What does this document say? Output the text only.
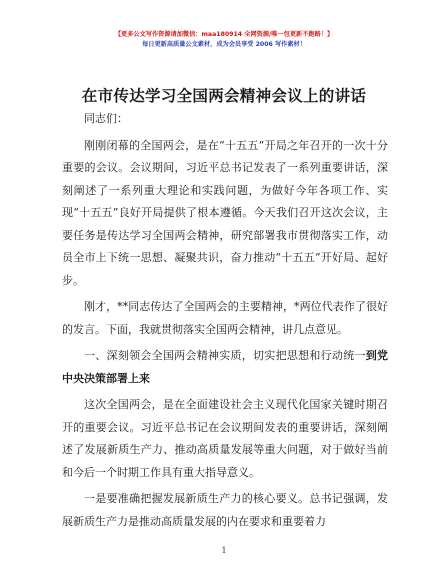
【更多公文写作资源请加微信：maa180914 全网资源/唯一包更新不跑路！】
每日更新高质量公文素材，成为会员享受 2006 写作素材！
在市传达学习全国两会精神会议上的讲话

同志们：

刚刚闭幕的全国两会，是在“十五五”开局之年召开的一次十分重要的会议。会议期间，习近平总书记发表了一系列重要讲话，深刻阐述了一系列重大理论和实践问题，为做好今年各项工作、实现“十五五”良好开局提供了根本遵循。今天我们召开这次会议，主要任务是传达学习全国两会精神，研究部署我市贯彻落实工作，动员全市上下统一思想、凝聚共识，奋力推动“十五五”开好局、起好步。

刚才，**同志传达了全国两会的主要精神，*两位代表作了很好的发言。下面，我就贯彻落实全国两会精神，讲几点意见。

一、深刻领会全国两会精神实质，切实把思想和行动统一到党中央决策部署上来

这次全国两会，是在全面建设社会主义现代化国家关键时期召开的重要会议。习近平总书记在会议期间发表的重要讲话，深刻阐述了发展新质生产力、推动高质量发展等重大问题，对于做好当前和今后一个时期工作具有重大指导意义。

一是要准确把握发展新质生产力的核心要义。总书记强调，发展新质生产力是推动高质量发展的内在要求和重要着力

1
